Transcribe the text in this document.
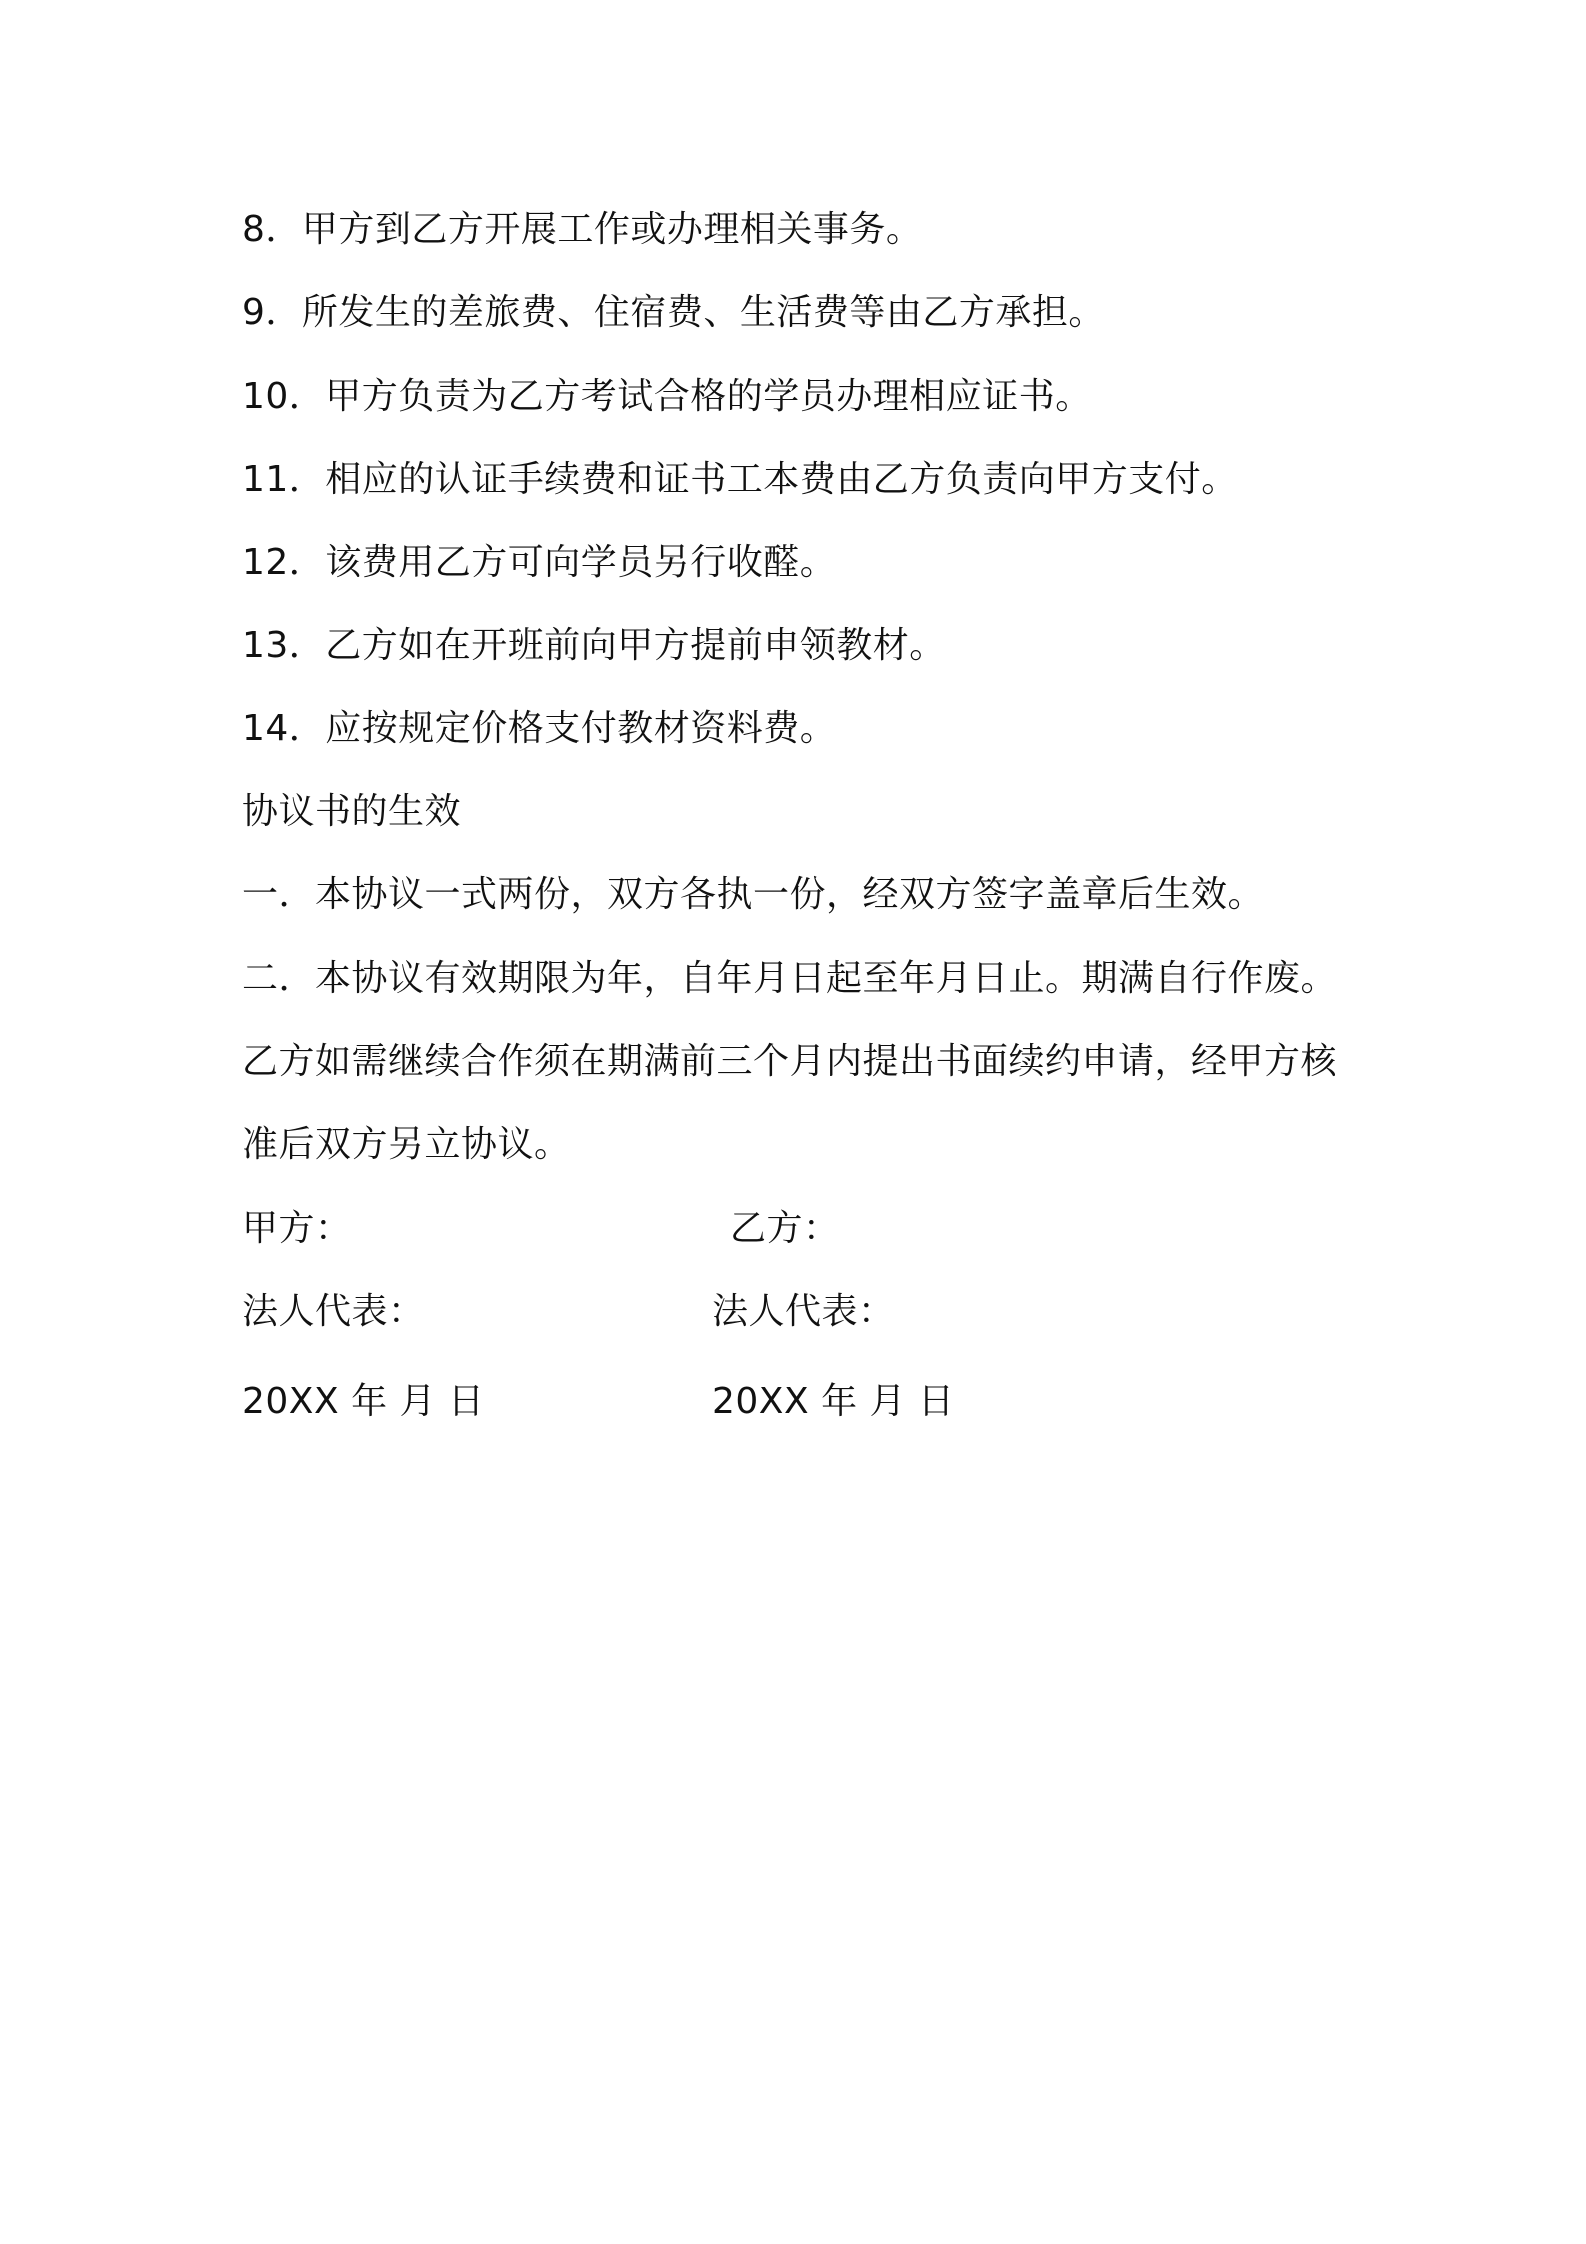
8．甲方到乙方开展工作或办理相关事务。
9．所发生的差旅费、住宿费、生活费等由乙方承担。
10．甲方负责为乙方考试合格的学员办理相应证书。
11．相应的认证手续费和证书工本费由乙方负责向甲方支付。
12．该费用乙方可向学员另行收醛。
13．乙方如在开班前向甲方提前申领教材。
14．应按规定价格支付教材资料费。
协议书的生效
一．本协议一式两份，双方各执一份，经双方签字盖章后生效。
二．本协议有效期限为年，自年月日起至年月日止。期满自行作废。
乙方如需继续合作须在期满前三个月内提出书面续约申请，经甲方核
准后双方另立协议。
甲方：	乙方：
法人代表：	法人代表：
20XX 年 月 日	20XX 年 月 日
